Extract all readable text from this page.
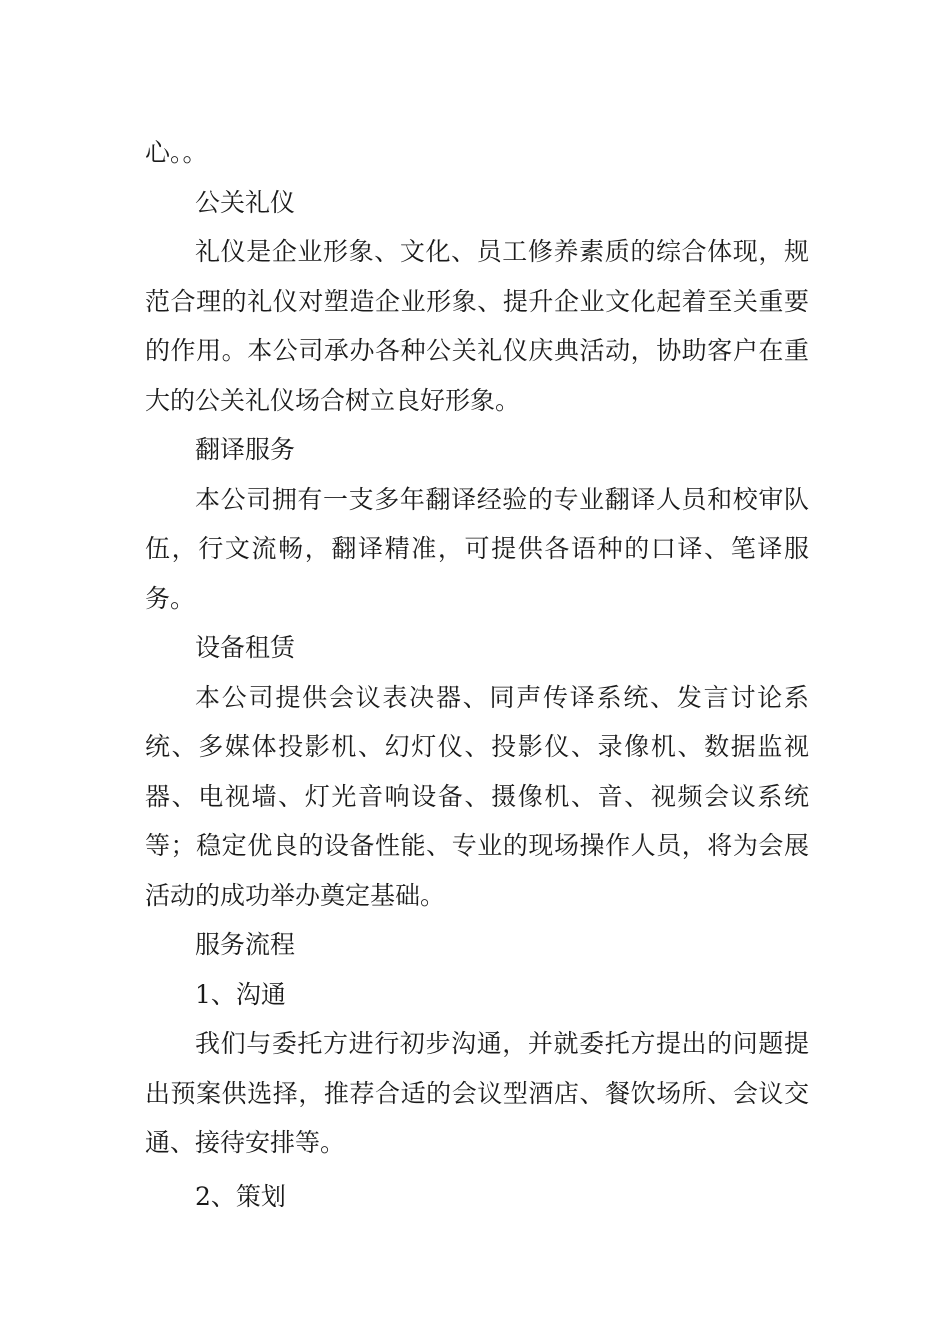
心。。

公关礼仪

礼仪是企业形象、文化、员工修养素质的综合体现，规范合理的礼仪对塑造企业形象、提升企业文化起着至关重要的作用。本公司承办各种公关礼仪庆典活动，协助客户在重大的公关礼仪场合树立良好形象。

翻译服务

本公司拥有一支多年翻译经验的专业翻译人员和校审队伍，行文流畅，翻译精准，可提供各语种的口译、笔译服务。

设备租赁

本公司提供会议表决器、同声传译系统、发言讨论系统、多媒体投影机、幻灯仪、投影仪、录像机、数据监视器、电视墙、灯光音响设备、摄像机、音、视频会议系统等；稳定优良的设备性能、专业的现场操作人员，将为会展活动的成功举办奠定基础。

服务流程

1、沟通

我们与委托方进行初步沟通，并就委托方提出的问题提出预案供选择，推荐合适的会议型酒店、餐饮场所、会议交通、接待安排等。

2、策划
